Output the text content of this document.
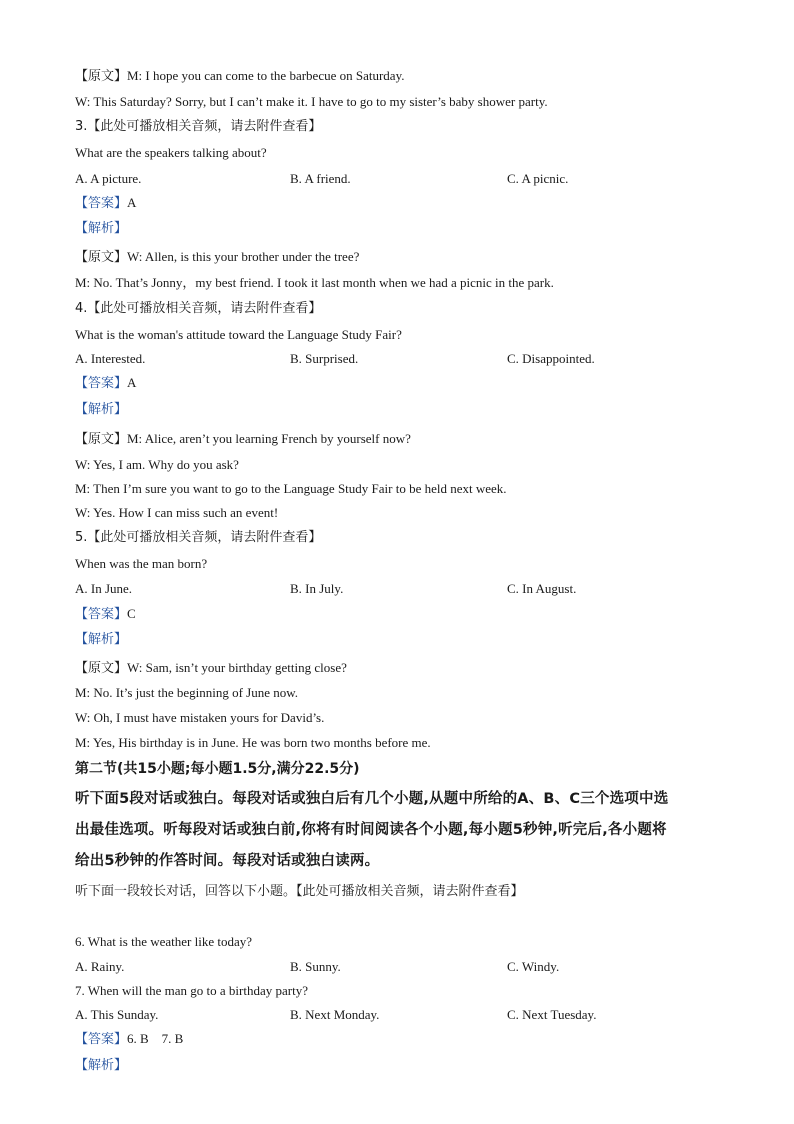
【原文】M: I hope you can come to the barbecue on Saturday.
W: This Saturday? Sorry, but I can’t make it. I have to go to my sister’s baby shower party.
3.【此处可播放相关音频，请去附件查看】
What are the speakers talking about?
A. A picture.	B. A friend.	C. A picnic.
【答案】A
【解析】
【原文】W: Allen, is this your brother under the tree?
M: No. That’s Jonny，my best friend. I took it last month when we had a picnic in the park.
4.【此处可播放相关音频，请去附件查看】
What is the woman's attitude toward the Language Study Fair?
A. Interested.	B. Surprised.	C. Disappointed.
【答案】A
【解析】
【原文】M: Alice, aren’t you learning French by yourself now?
W: Yes, I am. Why do you ask?
M: Then I’m sure you want to go to the Language Study Fair to be held next week.
W: Yes. How I can miss such an event!
5.【此处可播放相关音频，请去附件查看】
When was the man born?
A. In June.	B. In July.	C. In August.
【答案】C
【解析】
【原文】W: Sam, isn’t your birthday getting close?
M: No. It’s just the beginning of June now.
W: Oh, I must have mistaken yours for David’s.
M: Yes, His birthday is in June. He was born two months before me.
第二节(共15小题;每小题1.5分,满分22.5分)
听下面5段对话或独白。每段对话或独白后有几个小题,从题中所给的A、B、C三个选项中选
出最佳选项。听每段对话或独白前,你将有时间阅读各个小题,每小题5秒钟,听完后,各小题将
给出5秒钟的作答时间。每段对话或独白读两。
听下面一段较长对话，回答以下小题。【此处可播放相关音频，请去附件查看】
6. What is the weather like today?
A. Rainy.	B. Sunny.	C. Windy.
7. When will the man go to a birthday party?
A. This Sunday.	B. Next Monday.	C. Next Tuesday.
【答案】6. B    7. B
【解析】
